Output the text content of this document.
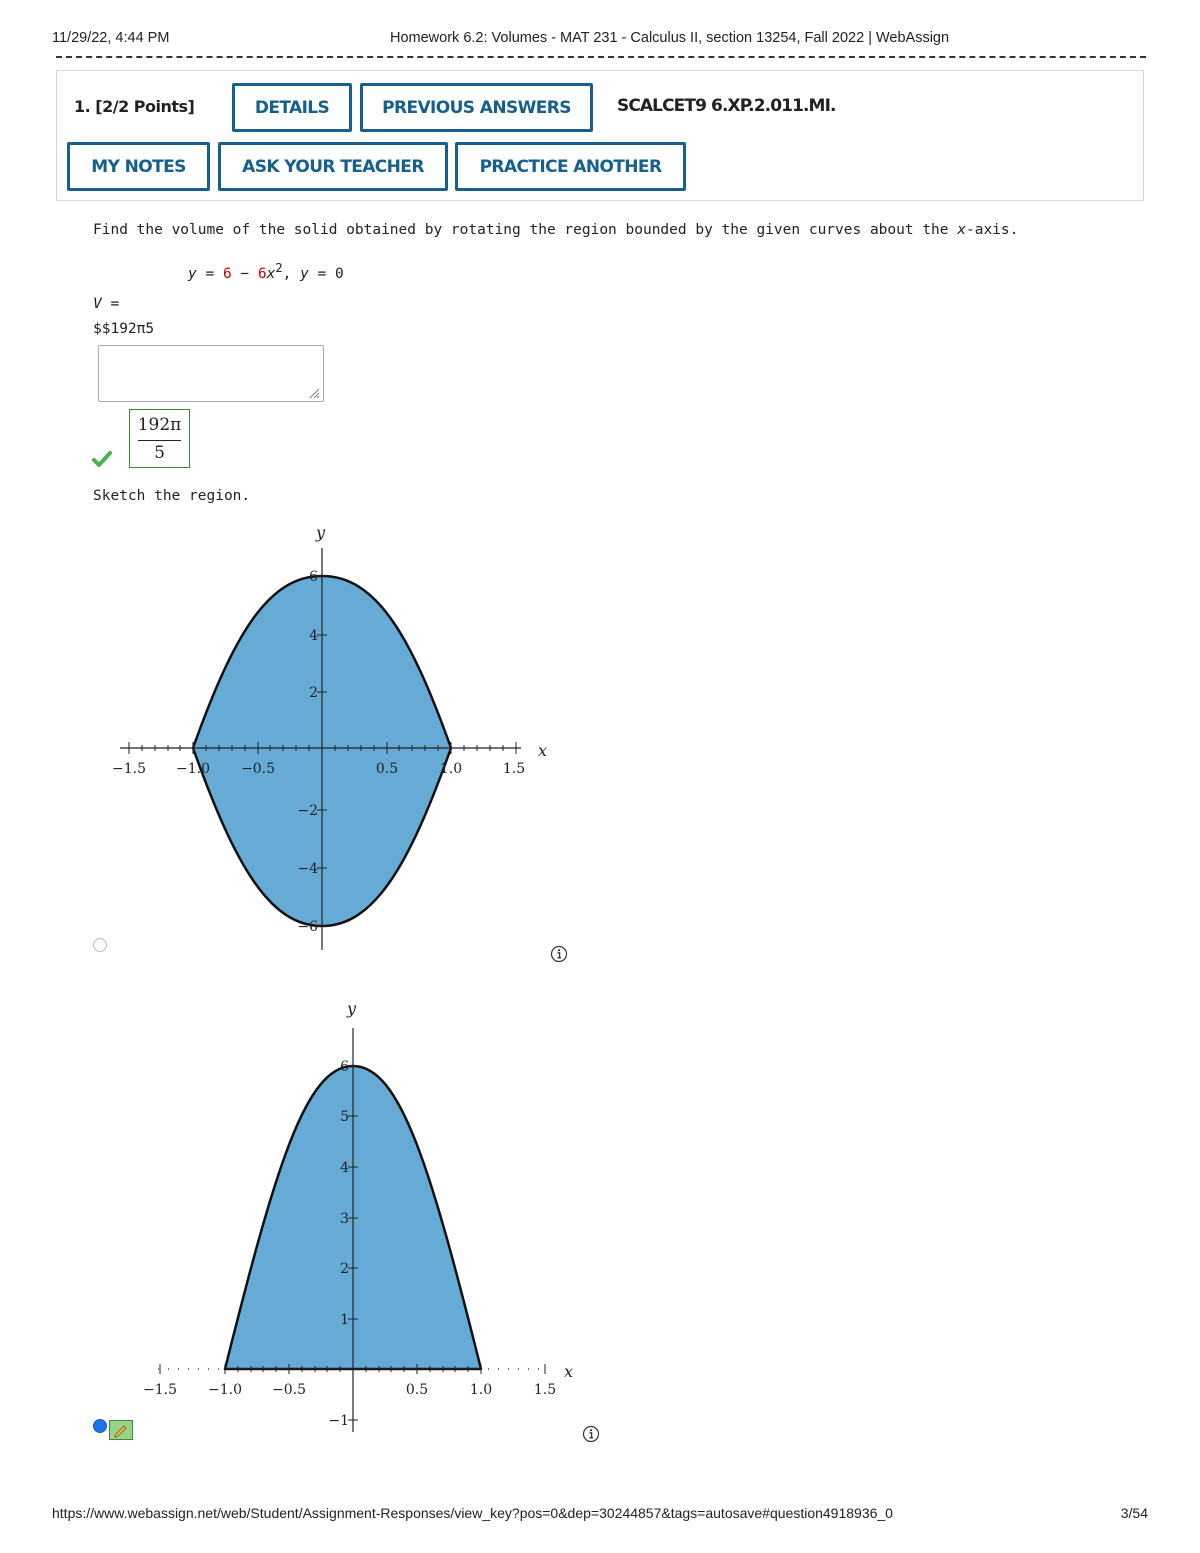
11/29/22, 4:44 PM	Homework 6.2: Volumes - MAT 231 - Calculus II, section 13254, Fall 2022 | WebAssign
1. [2/2 Points]	DETAILS	PREVIOUS ANSWERS	SCALCET9 6.XP.2.011.MI.
MY NOTES	ASK YOUR TEACHER	PRACTICE ANOTHER
Find the volume of the solid obtained by rotating the region bounded by the given curves about the x-axis.
$y = 6 - 6x^2$, y = 0
V =
$$192π5
192π
5
Sketch the region.
−1.5 −1.0 −0.5	0.5	1.0	1.5
6
4
2
−2
−4
−6
x
y
−1.5 −1.0 −0.5	0.5	1.0	1.5
6
5
4
3
2
1
−1
x
y
https://www.webassign.net/web/Student/Assignment-Responses/view_key?pos=0&dep=30244857&tags=autosave#question4918936_0	3/54
